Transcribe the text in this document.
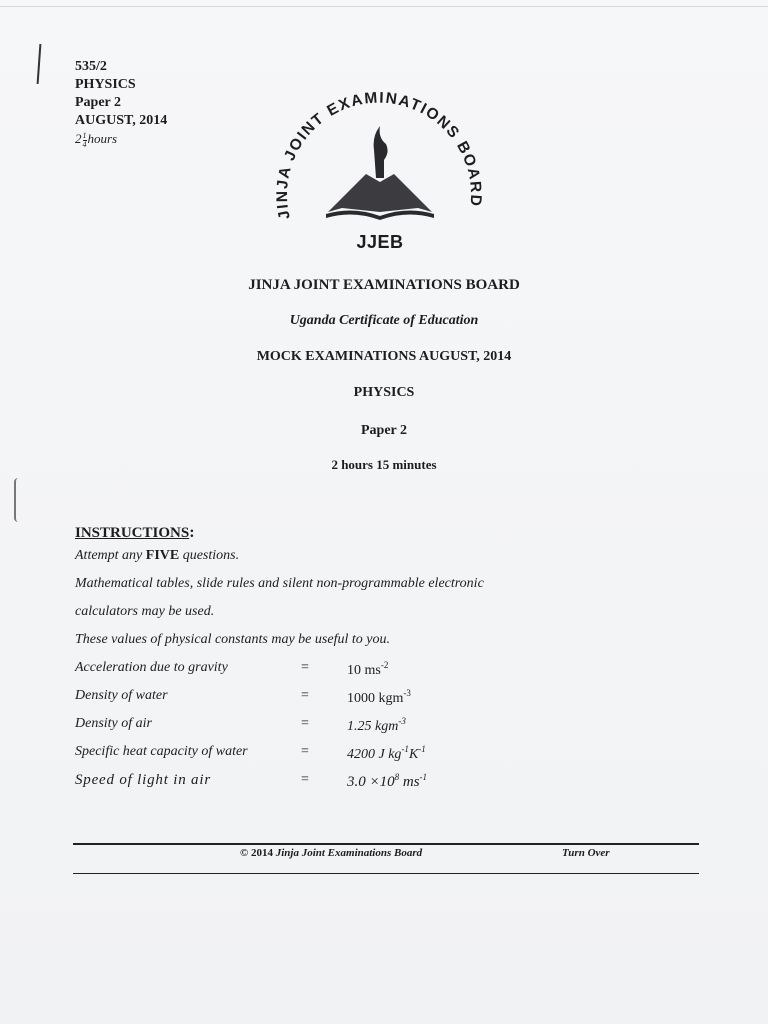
535/2
PHYSICS
Paper 2
AUGUST, 2014
$2 \frac{1}{4}$ hours
JINJA JOINT EXAMINATIONS BOARD
JJEB
JINJA JOINT EXAMINATIONS BOARD
Uganda Certificate of Education
MOCK EXAMINATIONS AUGUST, 2014
PHYSICS
Paper 2
2 hours 15 minutes
INSTRUCTIONS:
Attempt any FIVE questions.
Mathematical tables, slide rules and silent non-programmable electronic
calculators may be used.
These values of physical constants may be useful to you.
Acceleration due to gravity	=	10 $ms^{-2}$
Density of water	=	1000 kgm$^{-3}$
Density of air	=	1.25 kgm$^{-3}$
Specific heat capacity of water	=	4200 J $kg^{-1}K^{-1}$
Speed of light in air	=	$3.0 \times 10^8$ $ms^{-1}$
© 2014 Jinja Joint Examinations Board	Turn Over
